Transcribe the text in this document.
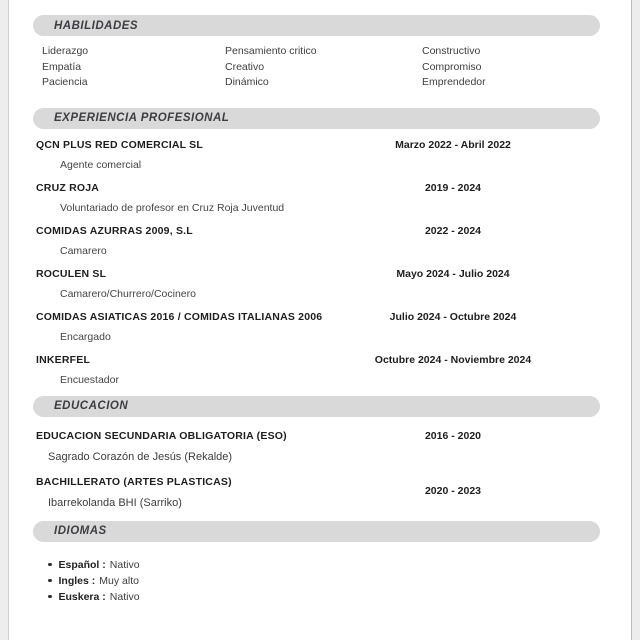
HABILIDADES
Liderazgo
Empatía
Paciencia
Pensamiento critico
Creativo
Dinámico
Constructivo
Compromiso
Emprendedor
EXPERIENCIA PROFESIONAL
QCN PLUS RED COMERCIAL SL
Agente comercial
Marzo 2022 - Abril 2022
CRUZ ROJA
Voluntariado de profesor en Cruz Roja Juventud
2019 - 2024
COMIDAS AZURRAS 2009, S.L
Camarero
2022 - 2024
ROCULEN SL
Camarero/Churrero/Cocinero
Mayo 2024 - Julio 2024
COMIDAS ASIATICAS 2016 / COMIDAS ITALIANAS 2006
Encargado
Julio 2024 - Octubre 2024
INKERFEL
Encuestador
Octubre 2024 - Noviembre 2024
EDUCACION
EDUCACION SECUNDARIA OBLIGATORIA (ESO)
Sagrado Corazón de Jesús (Rekalde)
2016 - 2020
BACHILLERATO (ARTES PLASTICAS)
Ibarrekolanda BHI (Sarriko)
2020 - 2023
IDIOMAS
Español : Nativo
Ingles : Muy alto
Euskera : Nativo
